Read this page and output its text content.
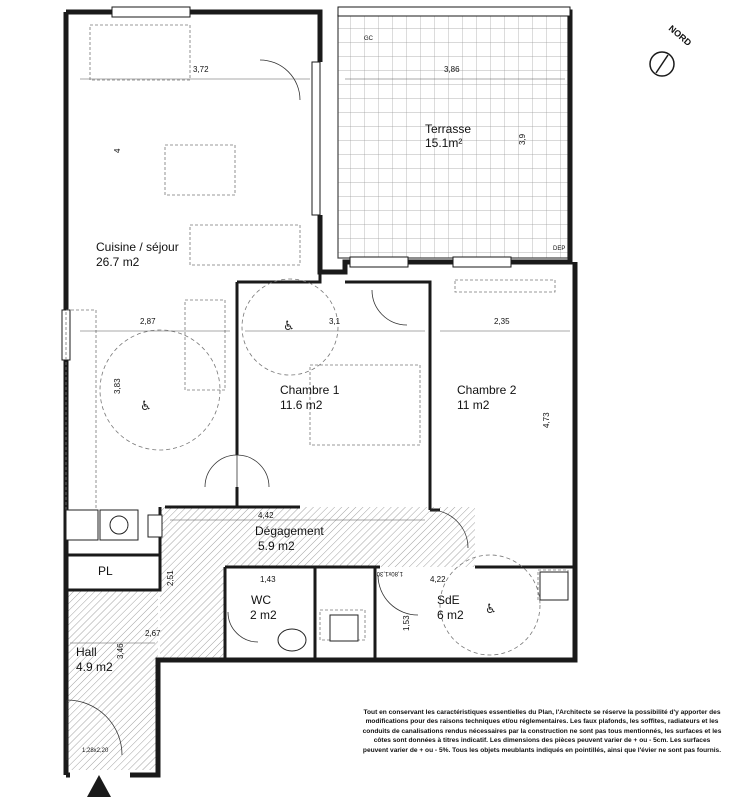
♿
♿
♿
Terrasse
15.1m²
Cuisine / séjour
26.7 m2
Chambre 1
11.6 m2
Chambre 2
11 m2
Dégagement
5.9 m2
WC
2 m2
SdE
6 m2
Hall
4.9 m2
PL
3,72
4
3,86
3,9
2,87
3,83
3,1	2,35
4,73
4,42
2,51	1,43	4,22
1,53
2,67
3,46
GC
DEP
1,80x1,30
1,28x2,20
NORD

Tout en conservant les caractéristiques essentielles du Plan, l'Architecte se réserve la possibilité d'y apporter des modifications pour des raisons techniques et/ou réglementaires. Les faux plafonds, les soffites, radiateurs et les conduits de canalisations rendus nécessaires par la construction ne sont pas tous mentionnés, les surfaces et les côtes sont données à titres indicatif. Les dimensions des pièces peuvent varier de + ou - 5cm. Les surfaces peuvent varier de + ou - 5%. Tous les objets meublants indiqués en pointillés, ainsi que l'évier ne sont pas fournis.
